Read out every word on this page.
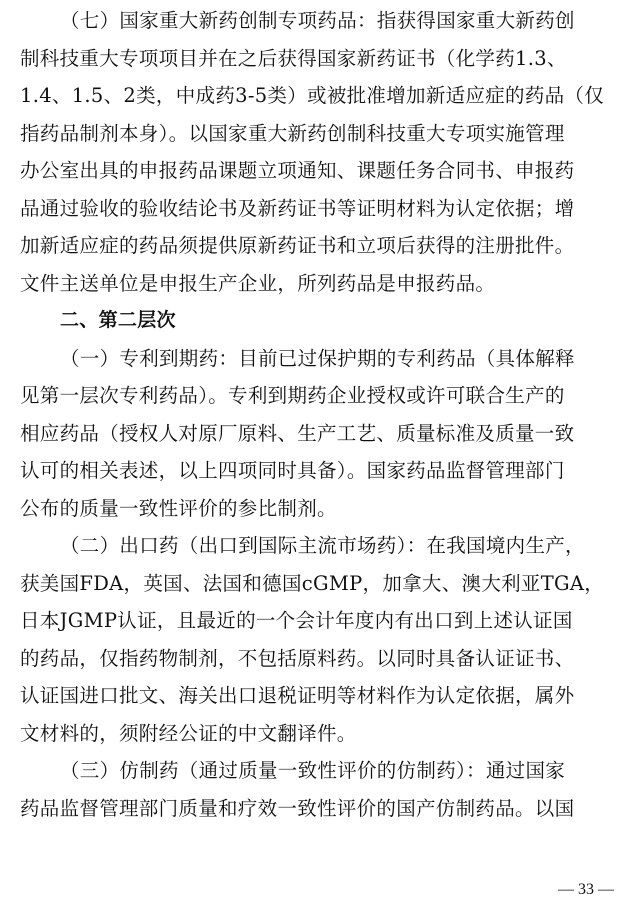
（七）国家重大新药创制专项药品：指获得国家重大新药创
制科技重大专项项目并在之后获得国家新药证书（化学药1.3、
1.4、1.5、2类，中成药3-5类）或被批准增加新适应症的药品（仅
指药品制剂本身）。以国家重大新药创制科技重大专项实施管理
办公室出具的申报药品课题立项通知、课题任务合同书、申报药
品通过验收的验收结论书及新药证书等证明材料为认定依据；增
加新适应症的药品须提供原新药证书和立项后获得的注册批件。
文件主送单位是申报生产企业，所列药品是申报药品。
二、第二层次
（一）专利到期药：目前已过保护期的专利药品（具体解释
见第一层次专利药品）。专利到期药企业授权或许可联合生产的
相应药品（授权人对原厂原料、生产工艺、质量标准及质量一致
认可的相关表述，以上四项同时具备）。国家药品监督管理部门
公布的质量一致性评价的参比制剂。
（二）出口药（出口到国际主流市场药）：在我国境内生产，
获美国FDA，英国、法国和德国cGMP，加拿大、澳大利亚TGA，
日本JGMP认证，且最近的一个会计年度内有出口到上述认证国
的药品，仅指药物制剂，不包括原料药。以同时具备认证证书、
认证国进口批文、海关出口退税证明等材料作为认定依据，属外
文材料的，须附经公证的中文翻译件。
（三）仿制药（通过质量一致性评价的仿制药）：通过国家
药品监督管理部门质量和疗效一致性评价的国产仿制药品。以国
— 33 —
